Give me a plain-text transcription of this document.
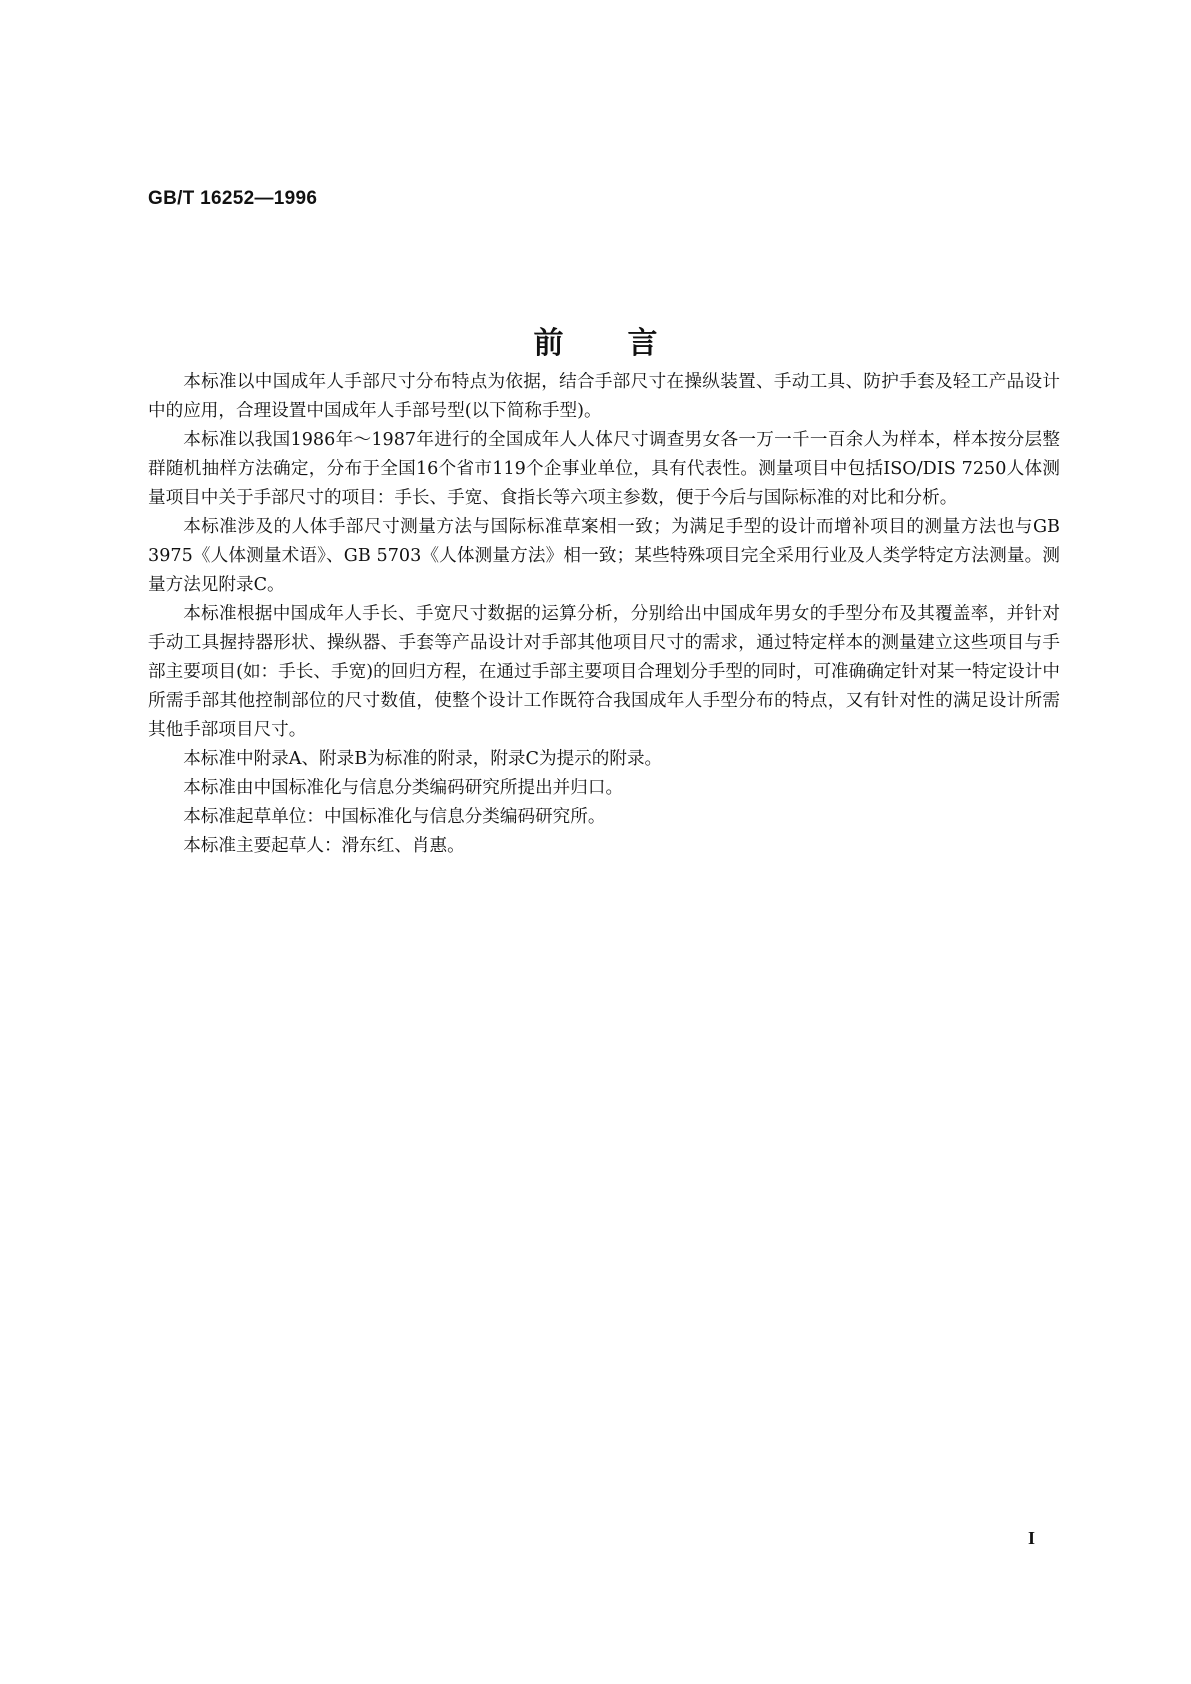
GB/T 16252—1996
前言

本标准以中国成年人手部尺寸分布特点为依据，结合手部尺寸在操纵装置、手动工具、防护手套及轻工产品设计中的应用，合理设置中国成年人手部号型(以下简称手型)。

本标准以我国1986年～1987年进行的全国成年人人体尺寸调查男女各一万一千一百余人为样本，样本按分层整群随机抽样方法确定，分布于全国16个省市119个企事业单位，具有代表性。测量项目中包括ISO/DIS 7250人体测量项目中关于手部尺寸的项目：手长、手宽、食指长等六项主参数，便于今后与国际标准的对比和分析。

本标准涉及的人体手部尺寸测量方法与国际标准草案相一致；为满足手型的设计而增补项目的测量方法也与GB 3975《人体测量术语》、GB 5703《人体测量方法》相一致；某些特殊项目完全采用行业及人类学特定方法测量。测量方法见附录C。

本标准根据中国成年人手长、手宽尺寸数据的运算分析，分别给出中国成年男女的手型分布及其覆盖率，并针对手动工具握持器形状、操纵器、手套等产品设计对手部其他项目尺寸的需求，通过特定样本的测量建立这些项目与手部主要项目(如：手长、手宽)的回归方程，在通过手部主要项目合理划分手型的同时，可准确确定针对某一特定设计中所需手部其他控制部位的尺寸数值，使整个设计工作既符合我国成年人手型分布的特点，又有针对性的满足设计所需其他手部项目尺寸。

本标准中附录A、附录B为标准的附录，附录C为提示的附录。

本标准由中国标准化与信息分类编码研究所提出并归口。

本标准起草单位：中国标准化与信息分类编码研究所。

本标准主要起草人：滑东红、肖惠。

I
